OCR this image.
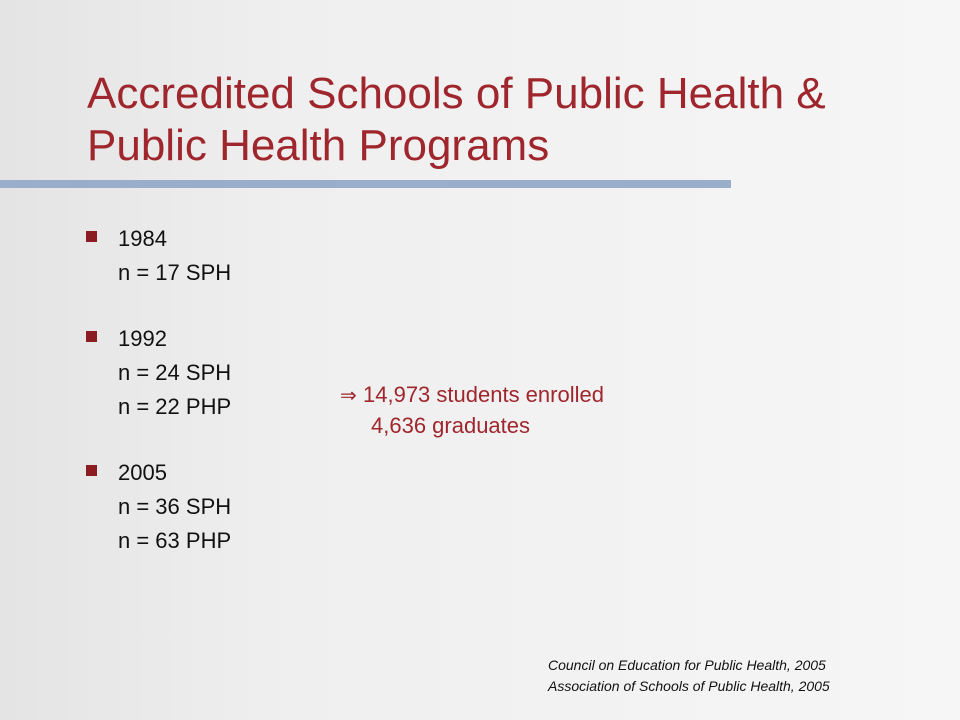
Accredited Schools of Public Health &
Public Health Programs
1984
n = 17 SPH
1992
n = 24 SPH
n = 22 PHP
2005
n = 36 SPH
n = 63 PHP
⇒ 14,973 students enrolled
4,636 graduates
Council on Education for Public Health, 2005
Association of Schools of Public Health, 2005
